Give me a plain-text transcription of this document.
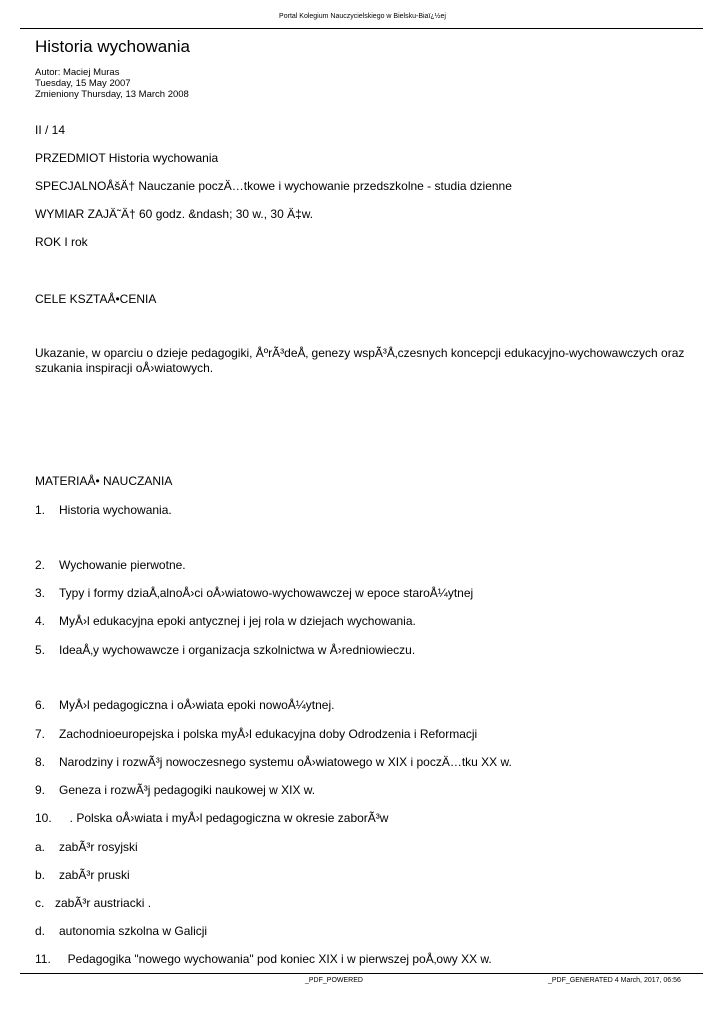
Portal Kolegium Nauczycielskiego w Bielsku-Biaï¿½ej
Historia wychowania
Autor: Maciej Muras
Tuesday, 15 May 2007
Zmieniony Thursday, 13 March 2008
II / 14
PRZEDMIOT Historia wychowania
SPECJALNOÅšÄ† Nauczanie poczÄ…tkowe i wychowanie przedszkolne - studia dzienne
WYMIAR ZAJÄ˜Ä† 60 godz. &ndash; 30 w., 30 Ä‡w.
ROK I rok
CELE KSZTAÅ•CENIA
Ukazanie, w oparciu o dzieje pedagogiki, ÅºrÃ³deÅ‚ genezy wspÃ³Å‚czesnych koncepcji edukacyjno-wychowawczych oraz szukania inspiracji oÅ›wiatowych.
MATERIAÅ• NAUCZANIA
1. Historia wychowania.
2. Wychowanie pierwotne.
3. Typy i formy dziaÅ‚alnoÅ›ci oÅ›wiatowo-wychowawczej w epoce staroÅ¼ytnej
4. MyÅ›l edukacyjna epoki antycznej i jej rola w dziejach wychowania.
5. IdeaÅ‚y wychowawcze i organizacja szkolnictwa w Å›redniowieczu.
6. MyÅ›l pedagogiczna i oÅ›wiata epoki nowoÅ¼ytnej.
7. Zachodnioeuropejska i polska myÅ›l edukacyjna doby Odrodzenia i Reformacji
8. Narodziny i rozwÃ³j nowoczesnego systemu oÅ›wiatowego w XIX i poczÄ…tku XX w.
9. Geneza i rozwÃ³j pedagogiki naukowej w XIX w.
10.  . Polska oÅ›wiata i myÅ›l pedagogiczna w okresie zaborÃ³w
a. zabÃ³r rosyjski
b. zabÃ³r pruski
c. zabÃ³r austriacki .
d. autonomia szkolna w Galicji
11.  Pedagogika "nowego wychowania" pod koniec XIX i w pierwszej poÅ‚owy XX w.
_PDF_POWERED	_PDF_GENERATED 4 March, 2017, 06:56
